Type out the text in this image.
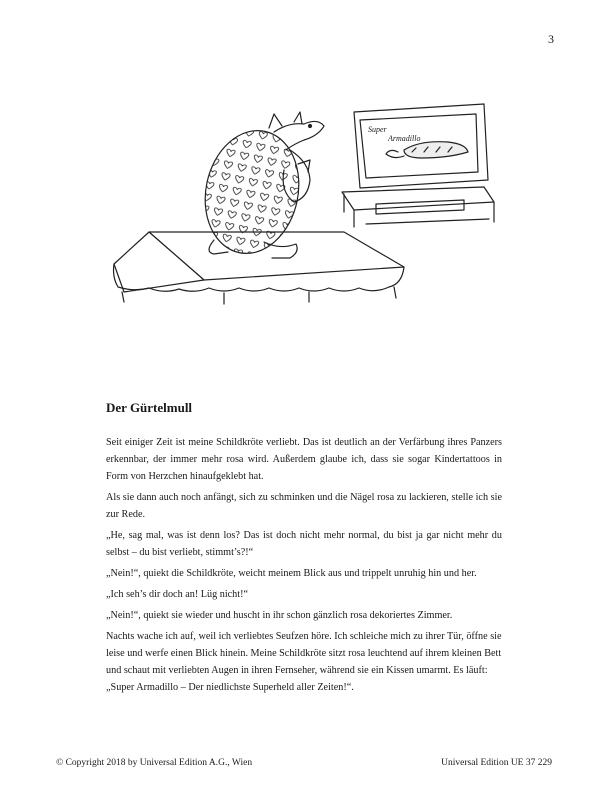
3
Super
Armadillo
Der Gürtelmull

Seit einiger Zeit ist meine Schildkröte verliebt. Das ist deutlich an der Verfärbung ihres Panzers erkennbar, der immer mehr rosa wird. Außerdem glaube ich, dass sie sogar Kindertattoos in Form von Herzchen hinaufgeklebt hat.

Als sie dann auch noch anfängt, sich zu schminken und die Nägel rosa zu lackieren, stelle ich sie zur Rede.

„He, sag mal, was ist denn los? Das ist doch nicht mehr normal, du bist ja gar nicht mehr du selbst – du bist verliebt, stimmt’s?!“

„Nein!“, quiekt die Schildkröte, weicht meinem Blick aus und trippelt unruhig hin und her.

„Ich seh’s dir doch an! Lüg nicht!“

„Nein!“, quiekt sie wieder und huscht in ihr schon gänzlich rosa dekoriertes Zimmer.

Nachts wache ich auf, weil ich verliebtes Seufzen höre. Ich schleiche mich zu ihrer Tür, öffne sie leise und werfe einen Blick hinein. Meine Schildkröte sitzt rosa leuchtend auf ihrem kleinen Bett und schaut mit verliebten Augen in ihren Fernseher, während sie ein Kissen umarmt. Es läuft: „Super Armadillo – Der niedlichste Superheld aller Zeiten!“.

© Copyright 2018 by Universal Edition A.G., Wien	Universal Edition UE 37 229
